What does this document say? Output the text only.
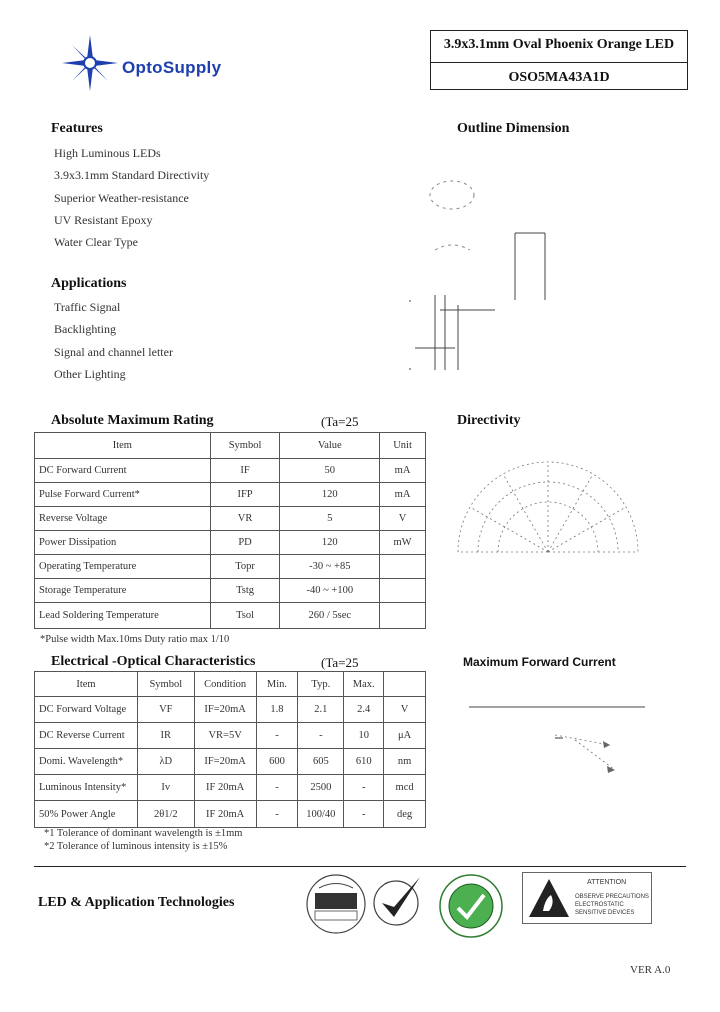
OptoSupply
3.9x3.1mm Oval Phoenix Orange LED
OSO5MA43A1D
Features
High Luminous LEDs
3.9x3.1mm Standard Directivity
Superior Weather-resistance
UV Resistant Epoxy
Water Clear Type
Applications
Traffic Signal
Backlighting
Signal and channel letter
Other Lighting
Outline Dimension
Absolute Maximum Rating	(Ta=25
Item	Symbol	Value	Unit
DC Forward Current	IF	50	mA
Pulse Forward Current*	IFP	120	mA
Reverse Voltage	VR	5	V
Power Dissipation	PD	120	mW
Operating Temperature	Topr	-30 ~ +85	
Storage Temperature	Tstg	-40 ~ +100	
Lead Soldering Temperature	Tsol	260 / 5sec	
*Pulse width Max.10ms Duty ratio max 1/10
Directivity
Electrical -Optical Characteristics	(Ta=25
Item	Symbol	Condition	Min.	Typ.	Max.	
DC Forward Voltage	VF	IF=20mA	1.8	2.1	2.4	V
DC Reverse Current	IR	VR=5V	-	-	10	μA
Domi. Wavelength*	λD	IF=20mA	600	605	610	nm
Luminous Intensity*	Iv	IF 20mA	-	2500	-	mcd
50% Power Angle	2θ1/2	IF 20mA	-	100/40	-	deg
*1 Tolerance of dominant wavelength is ±1mm
*2 Tolerance of luminous intensity is ±15%
Maximum Forward Current
LED & Application Technologies
ATTENTION
OBSERVE PRECAUTIONS
ELECTROSTATIC
SENSITIVE DEVICES
VER A.0
